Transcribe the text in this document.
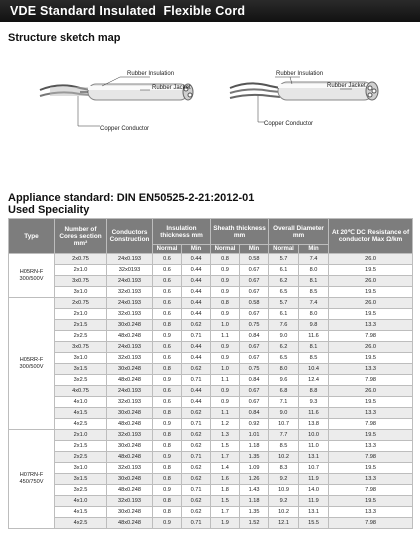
VDE Standard Insulated  Flexible Cord
Structure sketch map
Rubber Insulation
Rubber Jacket
Copper Conductor
Rubber Insulation
Rubber Jacket
Copper Conductor
Appliance standard: DIN EN50525-2-21:2012-01
Used Speciality
Type	Number of Cores section mm²	Conductors Construction	Insulation thickness mm		Sheath thickness mm		Overall Diameter mm		At 20℃ DC Resistance of conductor Max Ω/km
			Normal	Min	Normal	Min	Normal	Min	

H05RN-F
300/500V	2x0.75	24x0.193	0.6	0.44	0.8	0.58	5.7	7.4	26.0
	2x1.0	32x0193	0.6	0.44	0.9	0.67	6.1	8.0	19.5
	3x0.75	24x0.193	0.6	0.44	0.9	0.67	6.2	8.1	26.0
	3x1.0	32x0.193	0.6	0.44	0.9	0.67	6.5	8.5	19.5

H05RR-F
300/500V	2x0.75	24x0.193	0.6	0.44	0.8	0.58	5.7	7.4	26.0
	2x1.0	32x0.193	0.6	0.44	0.9	0.67	6.1	8.0	19.5
	2x1.5	30x0.248	0.8	0.62	1.0	0.75	7.6	9.8	13.3
	2x2.5	48x0.248	0.9	0.71	1.1	0.84	9.0	11.6	7.98
	3x0.75	24x0.193	0.6	0.44	0.9	0.67	6.2	8.1	26.0
	3x1.0	32x0.193	0.6	0.44	0.9	0.67	6.5	8.5	19.5
	3x1.5	30x0.248	0.8	0.62	1.0	0.75	8.0	10.4	13.3
	3x2.5	48x0.248	0.9	0.71	1.1	0.84	9.6	12.4	7.98
	4x0.75	24x0.193	0.6	0.44	0.9	0.67	6.8	8.8	26.0
	4x1.0	32x0.193	0.6	0.44	0.9	0.67	7.1	9.3	19.5
	4x1.5	30x0.248	0.8	0.62	1.1	0.84	9.0	11.6	13.3
	4x2.5	48x0.248	0.9	0.71	1.2	0.92	10.7	13.8	7.98

H07RN-F
450/750V	2x1.0	32x0.193	0.8	0.62	1.3	1.01	7.7	10.0	19.5
	2x1.5	30x0.248	0.8	0.62	1.5	1.18	8.5	11.0	13.3
	2x2.5	48x0.248	0.9	0.71	1.7	1.35	10.2	13.1	7.98
	3x1.0	32x0.193	0.8	0.62	1.4	1.09	8.3	10.7	19.5
	3x1.5	30x0.248	0.8	0.62	1.6	1.26	9.2	11.9	13.3
	3x2.5	48x0.248	0.9	0.71	1.8	1.43	10.9	14.0	7.98
	4x1.0	32x0.193	0.8	0.62	1.5	1.18	9.2	11.9	19.5
	4x1.5	30x0.248	0.8	0.62	1.7	1.35	10.2	13.1	13.3
	4x2.5	48x0.248	0.9	0.71	1.9	1.52	12.1	15.5	7.98
